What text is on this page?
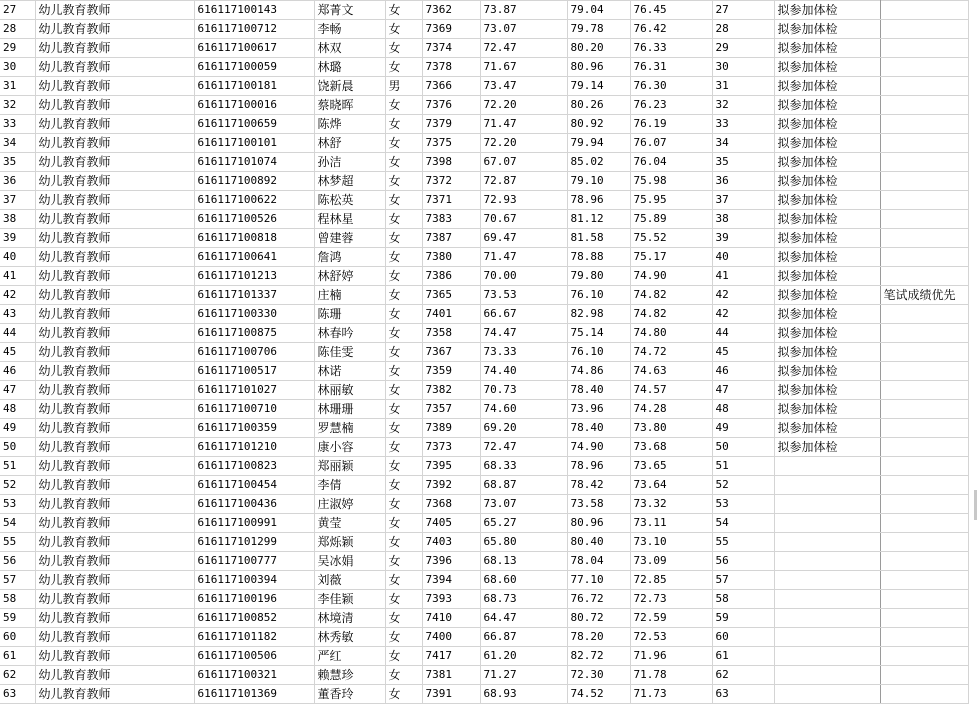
27	幼儿教育教师	616117100143	郑菁文	女	7362	73.87	79.04	76.45	27	拟参加体检	
28	幼儿教育教师	616117100712	李畅	女	7369	73.07	79.78	76.42	28	拟参加体检	
29	幼儿教育教师	616117100617	林双	女	7374	72.47	80.20	76.33	29	拟参加体检	
30	幼儿教育教师	616117100059	林璐	女	7378	71.67	80.96	76.31	30	拟参加体检	
31	幼儿教育教师	616117100181	饶新晨	男	7366	73.47	79.14	76.30	31	拟参加体检	
32	幼儿教育教师	616117100016	蔡晓晖	女	7376	72.20	80.26	76.23	32	拟参加体检	
33	幼儿教育教师	616117100659	陈烨	女	7379	71.47	80.92	76.19	33	拟参加体检	
34	幼儿教育教师	616117100101	林舒	女	7375	72.20	79.94	76.07	34	拟参加体检	
35	幼儿教育教师	616117101074	孙洁	女	7398	67.07	85.02	76.04	35	拟参加体检	
36	幼儿教育教师	616117100892	林梦超	女	7372	72.87	79.10	75.98	36	拟参加体检	
37	幼儿教育教师	616117100622	陈松英	女	7371	72.93	78.96	75.95	37	拟参加体检	
38	幼儿教育教师	616117100526	程林星	女	7383	70.67	81.12	75.89	38	拟参加体检	
39	幼儿教育教师	616117100818	曾建蓉	女	7387	69.47	81.58	75.52	39	拟参加体检	
40	幼儿教育教师	616117100641	詹鸿	女	7380	71.47	78.88	75.17	40	拟参加体检	
41	幼儿教育教师	616117101213	林舒婷	女	7386	70.00	79.80	74.90	41	拟参加体检	
42	幼儿教育教师	616117101337	庄楠	女	7365	73.53	76.10	74.82	42	拟参加体检	笔试成绩优先
43	幼儿教育教师	616117100330	陈珊	女	7401	66.67	82.98	74.82	42	拟参加体检	
44	幼儿教育教师	616117100875	林春吟	女	7358	74.47	75.14	74.80	44	拟参加体检	
45	幼儿教育教师	616117100706	陈佳雯	女	7367	73.33	76.10	74.72	45	拟参加体检	
46	幼儿教育教师	616117100517	林诺	女	7359	74.40	74.86	74.63	46	拟参加体检	
47	幼儿教育教师	616117101027	林丽敏	女	7382	70.73	78.40	74.57	47	拟参加体检	
48	幼儿教育教师	616117100710	林珊珊	女	7357	74.60	73.96	74.28	48	拟参加体检	
49	幼儿教育教师	616117100359	罗慧楠	女	7389	69.20	78.40	73.80	49	拟参加体检	
50	幼儿教育教师	616117101210	康小容	女	7373	72.47	74.90	73.68	50	拟参加体检	
51	幼儿教育教师	616117100823	郑丽颖	女	7395	68.33	78.96	73.65	51		
52	幼儿教育教师	616117100454	李倩	女	7392	68.87	78.42	73.64	52		
53	幼儿教育教师	616117100436	庄淑婷	女	7368	73.07	73.58	73.32	53		
54	幼儿教育教师	616117100991	黄莹	女	7405	65.27	80.96	73.11	54		
55	幼儿教育教师	616117101299	郑烁颖	女	7403	65.80	80.40	73.10	55		
56	幼儿教育教师	616117100777	吴冰娟	女	7396	68.13	78.04	73.09	56		
57	幼儿教育教师	616117100394	刘薇	女	7394	68.60	77.10	72.85	57		
58	幼儿教育教师	616117100196	李佳颖	女	7393	68.73	76.72	72.73	58		
59	幼儿教育教师	616117100852	林境清	女	7410	64.47	80.72	72.59	59		
60	幼儿教育教师	616117101182	林秀敏	女	7400	66.87	78.20	72.53	60		
61	幼儿教育教师	616117100506	严红	女	7417	61.20	82.72	71.96	61		
62	幼儿教育教师	616117100321	赖慧珍	女	7381	71.27	72.30	71.78	62		
63	幼儿教育教师	616117101369	董香玲	女	7391	68.93	74.52	71.73	63		
